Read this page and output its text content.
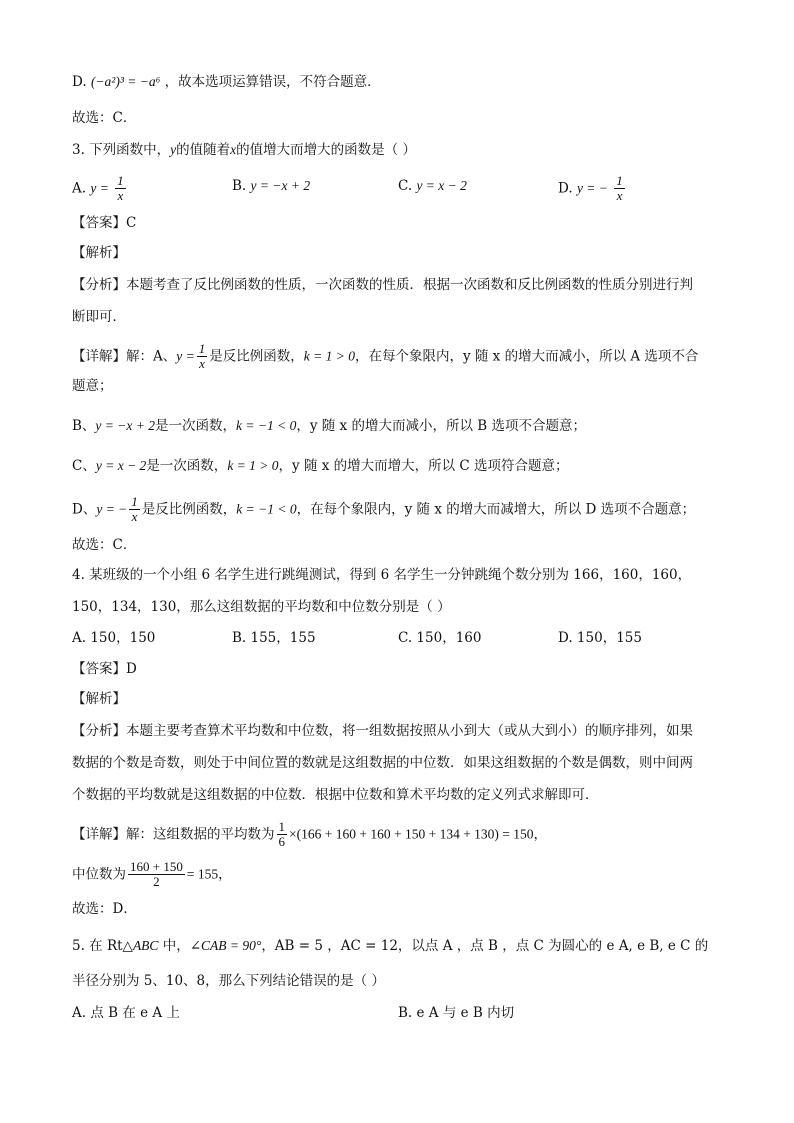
D. (−a²)³ = −a⁶ ，故本选项运算错误，不符合题意．
故选：C．
3. 下列函数中，y的值随着x的值增大而增大的函数是（ ）
A. $y = \frac{1}{x}$	B. y = −x + 2	C. y = x − 2	D. y = − $\frac{1}{x}$
【答案】C
【解析】
【分析】本题考查了反比例函数的性质，一次函数的性质．根据一次函数和反比例函数的性质分别进行判
断即可．
【详解】解：A、$y = \frac{1}{x}$ 是反比例函数，k = 1 > 0，在每个象限内，y 随 x 的增大而减小，所以 A 选项不合
题意；
B、y = −x + 2是一次函数，k = −1 < 0，y 随 x 的增大而减小，所以 B 选项不合题意；
C、y = x − 2是一次函数，k = 1 > 0，y 随 x 的增大而增大，所以 C 选项符合题意；
D、y = − $\frac{1}{x}$ 是反比例函数，k = −1 < 0，在每个象限内，y 随 x 的增大而减增大，所以 D 选项不合题意；
故选：C．
4. 某班级的一个小组 6 名学生进行跳绳测试，得到 6 名学生一分钟跳绳个数分别为 166，160，160，
150，134，130，那么这组数据的平均数和中位数分别是（ ）
A. 150，150	B. 155，155	C. 150，160	D. 150，155
【答案】D
【解析】
【分析】本题主要考查算术平均数和中位数，将一组数据按照从小到大（或从大到小）的顺序排列，如果
数据的个数是奇数，则处于中间位置的数就是这组数据的中位数．如果这组数据的个数是偶数，则中间两
个数据的平均数就是这组数据的中位数．根据中位数和算术平均数的定义列式求解即可．
【详解】解：这组数据的平均数为 $\frac{1}{6} \times(166 + 160 + 160 + 150 + 134 + 130) = 150$，
中位数为 $\frac{160 + 150}{2} = 155$，
故选：D．
5. 在 Rt△ABC 中，∠CAB = 90°，AB = 5 ，AC = 12，以点 A ，点 B ，点 C 为圆心的 e A, e B, e C 的
半径分别为 5、10、8，那么下列结论错误的是（ ）
A. 点 B 在 e A 上	B. e A 与 e B 内切
